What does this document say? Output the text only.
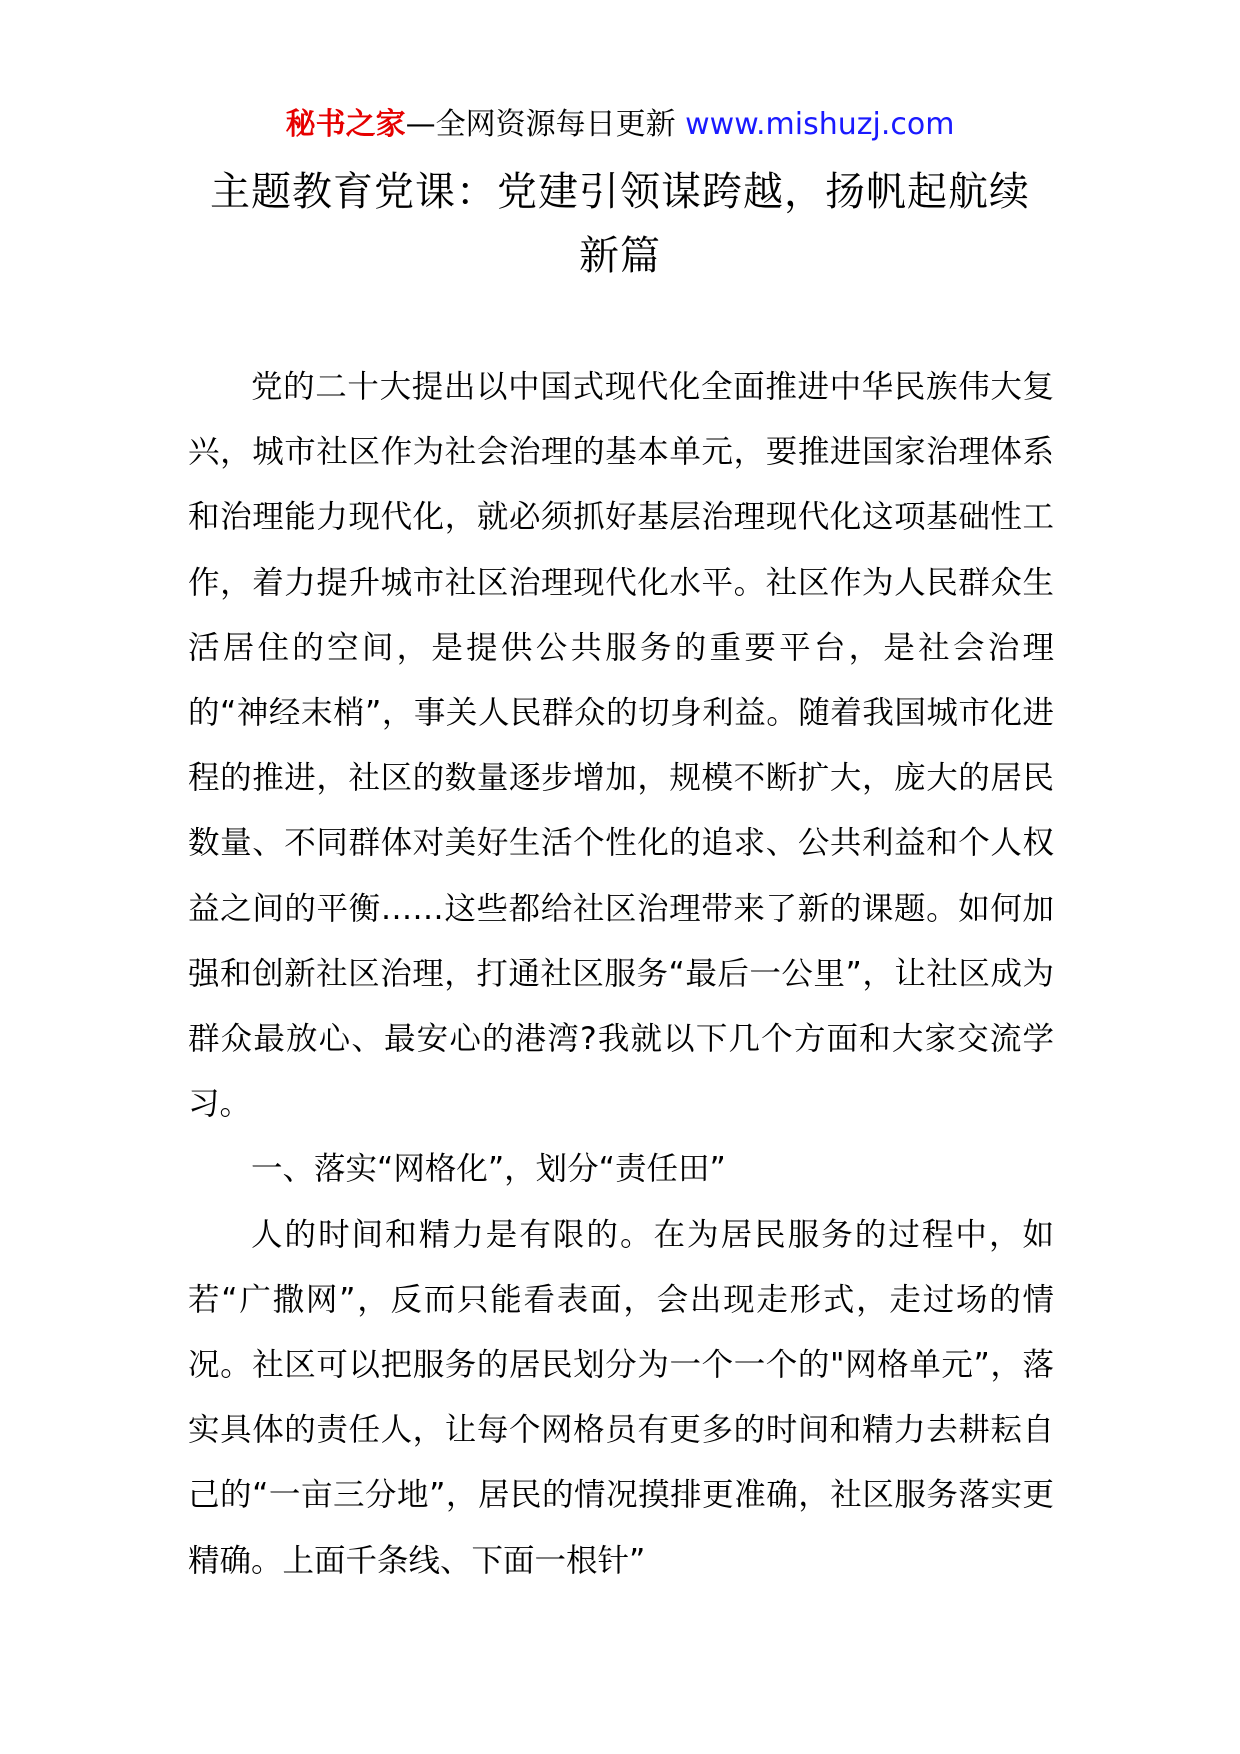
秘书之家—全网资源每日更新 www.mishuzj.com
主题教育党课：党建引领谋跨越，扬帆起航续新篇

党的二十大提出以中国式现代化全面推进中华民族伟大复兴，城市社区作为社会治理的基本单元，要推进国家治理体系和治理能力现代化，就必须抓好基层治理现代化这项基础性工作，着力提升城市社区治理现代化水平。社区作为人民群众生活居住的空间，是提供公共服务的重要平台，是社会治理的“神经末梢”，事关人民群众的切身利益。随着我国城市化进程的推进，社区的数量逐步增加，规模不断扩大，庞大的居民数量、不同群体对美好生活个性化的追求、公共利益和个人权益之间的平衡……这些都给社区治理带来了新的课题。如何加强和创新社区治理，打通社区服务“最后一公里”，让社区成为群众最放心、最安心的港湾?我就以下几个方面和大家交流学习。

一、落实“网格化”，划分“责任田”

人的时间和精力是有限的。在为居民服务的过程中，如若“广撒网”，反而只能看表面，会出现走形式，走过场的情况。社区可以把服务的居民划分为一个一个的"网格单元”，落实具体的责任人，让每个网格员有更多的时间和精力去耕耘自己的“一亩三分地”，居民的情况摸排更准确，社区服务落实更精确。上面千条线、下面一根针”
